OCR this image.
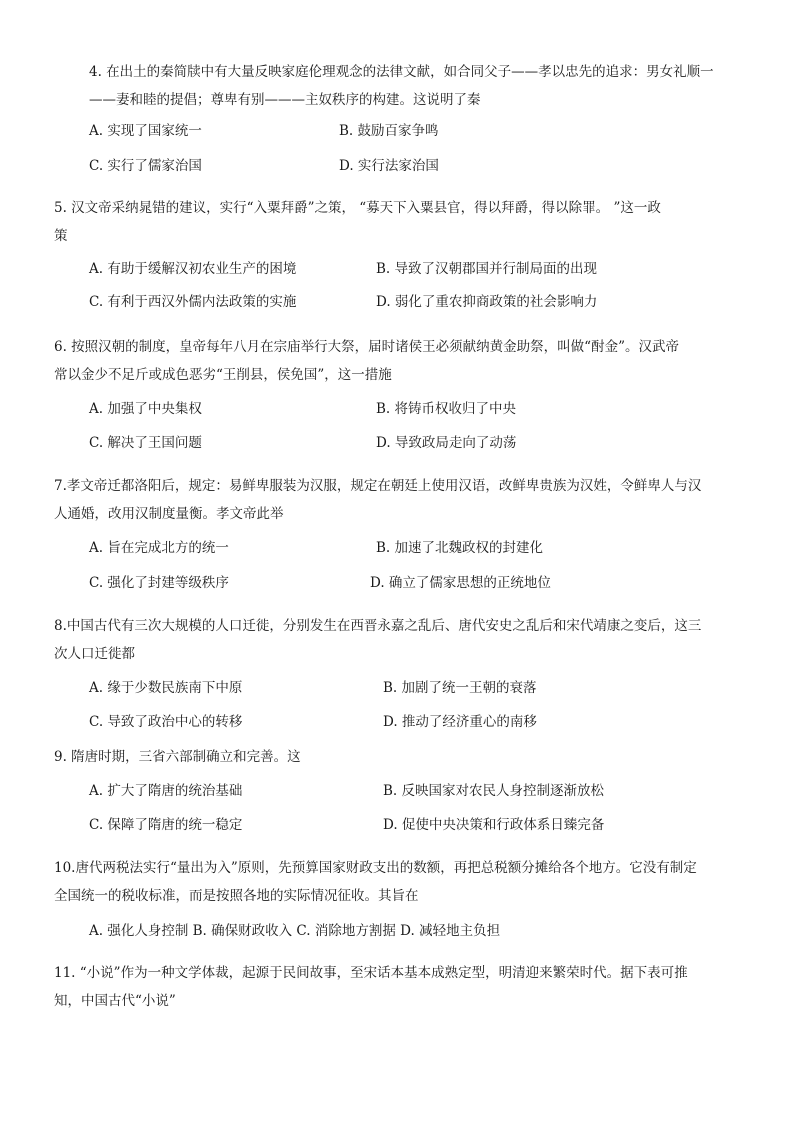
4. 在出土的秦简牍中有大量反映家庭伦理观念的法律文献，如合同父子——孝以忠先的追求：男女礼顺一
——妻和睦的提倡；尊卑有别———主奴秩序的构建。这说明了秦
A. 实现了国家统一	B. 鼓励百家争鸣
C. 实行了儒家治国	D. 实行法家治国
5. 汉文帝采纳晁错的建议，实行“入粟拜爵”之策， “募天下入粟县官，得以拜爵，得以除罪。 ”这一政
策
A. 有助于缓解汉初农业生产的困境	B. 导致了汉朝郡国并行制局面的出现
C. 有利于西汉外儒内法政策的实施	D. 弱化了重农抑商政策的社会影响力
6. 按照汉朝的制度，皇帝每年八月在宗庙举行大祭，届时诸侯王必须献纳黄金助祭，叫做“酎金”。汉武帝
常以金少不足斤或成色恶劣“王削县，侯免国”，这一措施
A. 加强了中央集权	B. 将铸币权收归了中央
C. 解决了王国问题	D. 导致政局走向了动荡
7.孝文帝迁都洛阳后，规定：易鲜卑服装为汉服，规定在朝廷上使用汉语，改鲜卑贵族为汉姓，令鲜卑人与汉
人通婚，改用汉制度量衡。孝文帝此举
A. 旨在完成北方的统一	B. 加速了北魏政权的封建化
C. 强化了封建等级秩序	D. 确立了儒家思想的正统地位
8.中国古代有三次大规模的人口迁徙，分别发生在西晋永嘉之乱后、唐代安史之乱后和宋代靖康之变后，这三
次人口迁徙都
A. 缘于少数民族南下中原	B. 加剧了统一王朝的衰落
C. 导致了政治中心的转移	D. 推动了经济重心的南移
9. 隋唐时期，三省六部制确立和完善。这
A. 扩大了隋唐的统治基础	B. 反映国家对农民人身控制逐渐放松
C. 保障了隋唐的统一稳定	D. 促使中央决策和行政体系日臻完备
10.唐代两税法实行“量出为入”原则，先预算国家财政支出的数额，再把总税额分摊给各个地方。它没有制定
全国统一的税收标准，而是按照各地的实际情况征收。其旨在
A. 强化人身控制 B. 确保财政收入 C. 消除地方割据 D. 减轻地主负担
11. “小说”作为一种文学体裁，起源于民间故事，至宋话本基本成熟定型，明清迎来繁荣时代。据下表可推
知，中国古代“小说”
